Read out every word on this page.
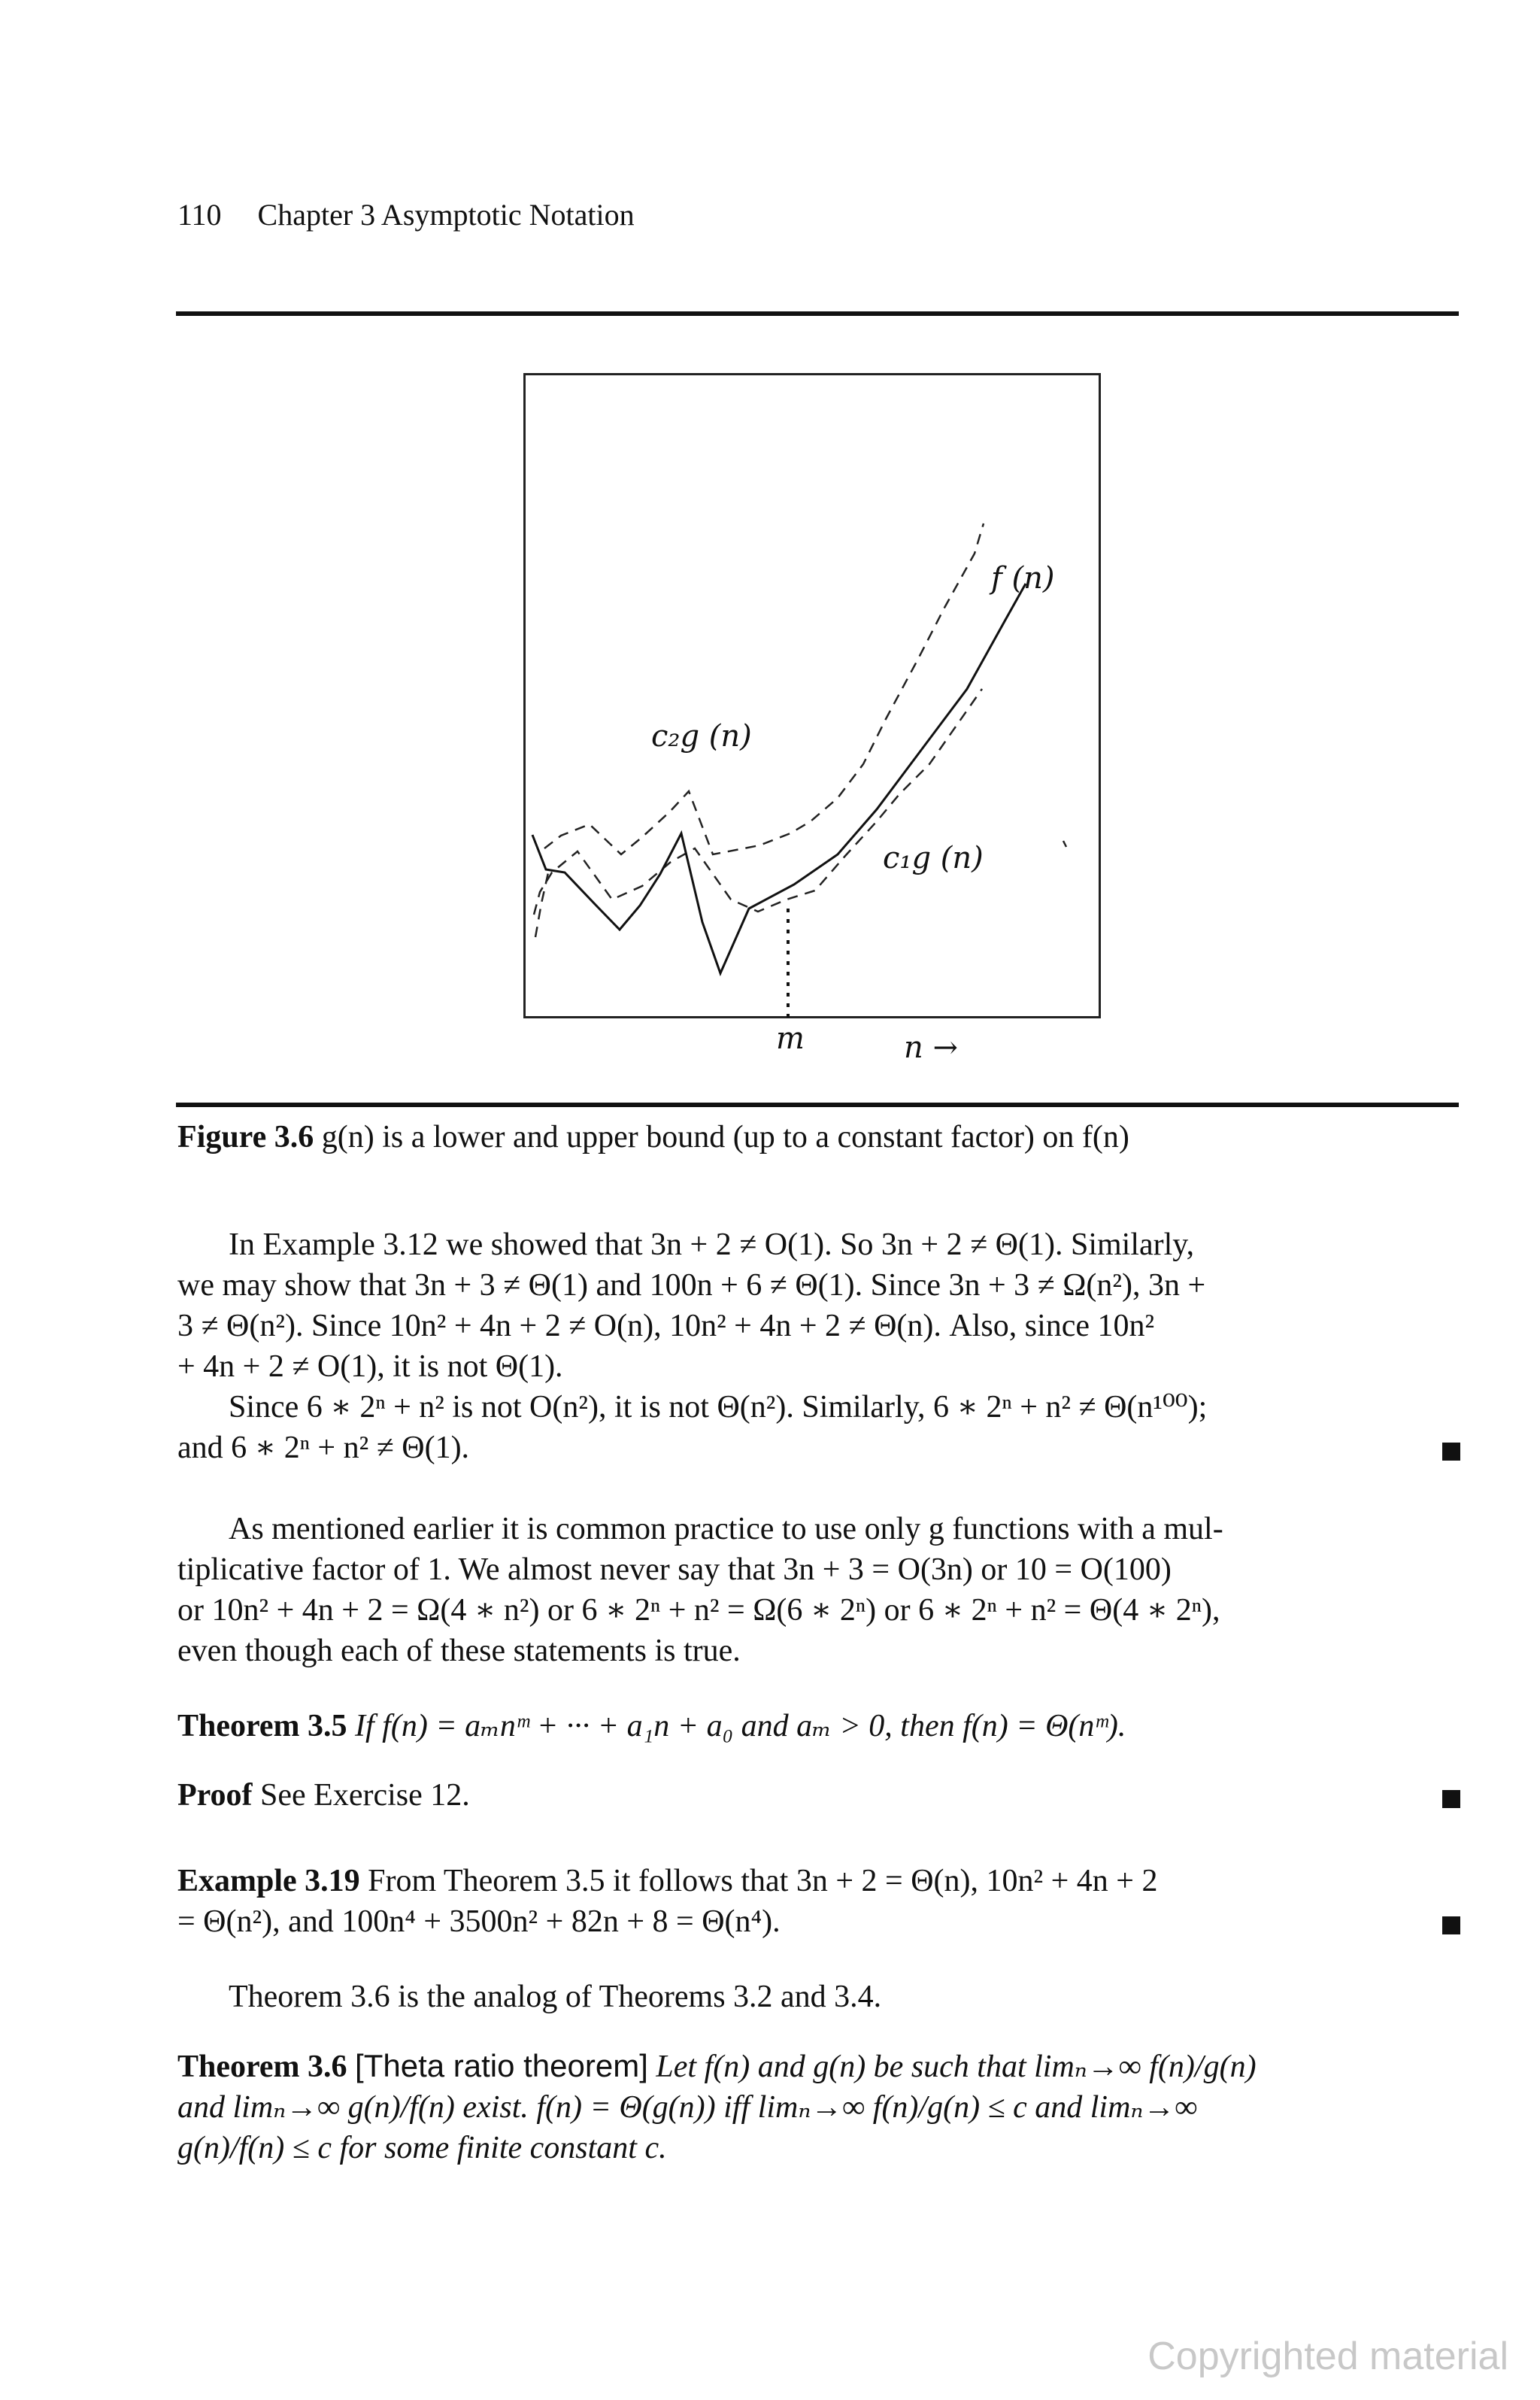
110 Chapter 3 Asymptotic Notation
f (n)
c₂g (n)
c₁g (n)
m	n →
Figure 3.6 g(n) is a lower and upper bound (up to a constant factor) on f(n)
In Example 3.12 we showed that 3n + 2 ≠ O(1). So 3n + 2 ≠ Θ(1). Similarly,
we may show that 3n + 3 ≠ Θ(1) and 100n + 6 ≠ Θ(1). Since 3n + 3 ≠ Ω(n²), 3n +
3 ≠ Θ(n²). Since 10n² + 4n + 2 ≠ O(n), 10n² + 4n + 2 ≠ Θ(n). Also, since 10n²
+ 4n + 2 ≠ O(1), it is not Θ(1).
Since 6 ∗ 2ⁿ + n² is not O(n²), it is not Θ(n²). Similarly, 6 ∗ 2ⁿ + n² ≠ Θ(n¹⁰⁰);
and 6 ∗ 2ⁿ + n² ≠ Θ(1).
As mentioned earlier it is common practice to use only g functions with a mul-
tiplicative factor of 1. We almost never say that 3n + 3 = O(3n) or 10 = O(100)
or 10n² + 4n + 2 = Ω(4 ∗ n²) or 6 ∗ 2ⁿ + n² = Ω(6 ∗ 2ⁿ) or 6 ∗ 2ⁿ + n² = Θ(4 ∗ 2ⁿ),
even though each of these statements is true.
Theorem 3.5 If f(n) = aₘnᵐ + ··· + a₁n + a₀ and aₘ > 0, then f(n) = Θ(nᵐ).
Proof See Exercise 12.
Example 3.19 From Theorem 3.5 it follows that 3n + 2 = Θ(n), 10n² + 4n + 2
= Θ(n²), and 100n⁴ + 3500n² + 82n + 8 = Θ(n⁴).
Theorem 3.6 is the analog of Theorems 3.2 and 3.4.
Theorem 3.6 [Theta ratio theorem] Let f(n) and g(n) be such that limₙ→∞ f(n)/g(n)
and limₙ→∞ g(n)/f(n) exist. f(n) = Θ(g(n)) iff limₙ→∞ f(n)/g(n) ≤ c and limₙ→∞
g(n)/f(n) ≤ c for some finite constant c.
Copyrighted material
